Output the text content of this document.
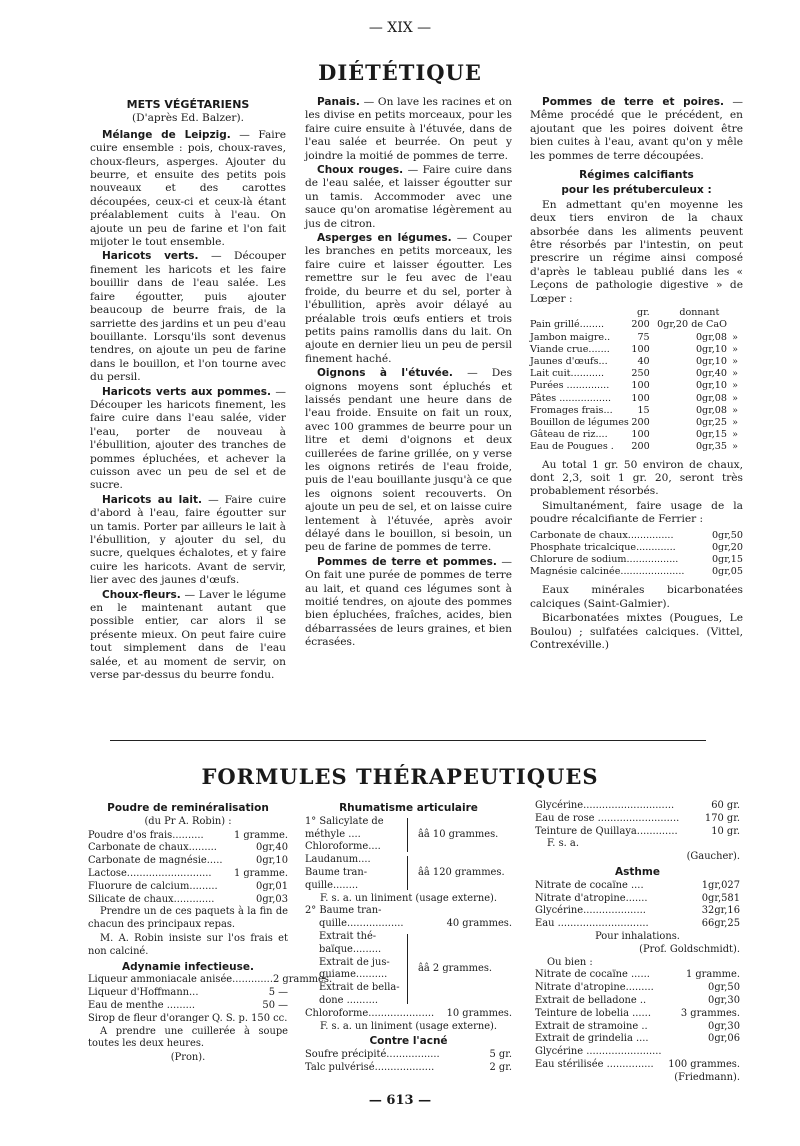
— XIX —
DIÉTÉTIQUE
METS VÉGÉTARIENS
(D'après Ed. Balzer).

Mélange de Leipzig. — Faire cuire ensemble : pois, choux-raves, choux-fleurs, asperges. Ajouter du beurre, et ensuite des petits pois nouveaux et des carottes découpées, ceux-ci et ceux-là étant préalablement cuits à l'eau. On ajoute un peu de farine et l'on fait mijoter le tout ensemble.

Haricots verts. — Découper finement les haricots et les faire bouillir dans de l'eau salée. Les faire égoutter, puis ajouter beaucoup de beurre frais, de la sarriette des jardins et un peu d'eau bouillante. Lorsqu'ils sont devenus tendres, on ajoute un peu de farine dans le bouillon, et l'on tourne avec du persil.

Haricots verts aux pommes. — Découper les haricots finement, les faire cuire dans l'eau salée, vider l'eau, porter de nouveau à l'ébullition, ajouter des tranches de pommes épluchées, et achever la cuisson avec un peu de sel et de sucre.

Haricots au lait. — Faire cuire d'abord à l'eau, faire égoutter sur un tamis. Porter par ailleurs le lait à l'ébullition, y ajouter du sel, du sucre, quelques échalotes, et y faire cuire les haricots. Avant de servir, lier avec des jaunes d'œufs.

Choux-fleurs. — Laver le légume en le maintenant autant que possible entier, car alors il se présente mieux. On peut faire cuire tout simplement dans de l'eau salée, et au moment de servir, on verse par-dessus du beurre fondu.

Panais. — On lave les racines et on les divise en petits morceaux, pour les faire cuire ensuite à l'étuvée, dans de l'eau salée et beurrée. On peut y joindre la moitié de pommes de terre.

Choux rouges. — Faire cuire dans de l'eau salée, et laisser égoutter sur un tamis. Accommoder avec une sauce qu'on aromatise légèrement au jus de citron.

Asperges en légumes. — Couper les branches en petits morceaux, les faire cuire et laisser égoutter. Les remettre sur le feu avec de l'eau froide, du beurre et du sel, porter à l'ébullition, après avoir délayé au préalable trois œufs entiers et trois petits pains ramollis dans du lait. On ajoute en dernier lieu un peu de persil finement haché.

Oignons à l'étuvée. — Des oignons moyens sont épluchés et laissés pendant une heure dans de l'eau froide. Ensuite on fait un roux, avec 100 grammes de beurre pour un litre et demi d'oignons et deux cuillerées de farine grillée, on y verse les oignons retirés de l'eau froide, puis de l'eau bouillante jusqu'à ce que les oignons soient recouverts. On ajoute un peu de sel, et on laisse cuire lentement à l'étuvée, après avoir délayé dans le bouillon, si besoin, un peu de farine de pommes de terre.

Pommes de terre et pommes. — On fait une purée de pommes de terre au lait, et quand ces légumes sont à moitié tendres, on ajoute des pommes bien épluchées, fraîches, acides, bien débarrassées de leurs graines, et bien écrasées.

Pommes de terre et poires. — Même procédé que le précédent, en ajoutant que les poires doivent être bien cuites à l'eau, avant qu'on y mêle les pommes de terre découpées.

Régimes calcifiants
pour les prétuberculeux :

En admettant qu'en moyenne les deux tiers environ de la chaux absorbée dans les aliments peuvent être résorbés par l'intestin, on peut prescrire un régime ainsi composé d'après le tableau publié dans les « Leçons de pathologie digestive » de Lœper :

	gr.	donnant	
Pain grillé........	200	0gr,20 de CaO	
Jambon maigre..	75	0gr,08	»
Viande crue.......	100	0gr,10	»
Jaunes d'œufs...	40	0gr,10	»
Lait cuit...........	250	0gr,40	»
Purées ..............	100	0gr,10	»
Pâtes .................	100	0gr,08	»
Fromages frais...	15	0gr,08	»
Bouillon de légumes	200	0gr,25	»
Gâteau de riz....	100	0gr,15	»
Eau de Pougues .	200	0gr,35	»

Au total 1 gr. 50 environ de chaux, dont 2,3, soit 1 gr. 20, seront très probablement résorbés.

Simultanément, faire usage de la poudre récalcifiante de Ferrier :

Carbonate de chaux...............	0gr,50
Phosphate tricalcique.............	0gr,20
Chlorure de sodium.................	0gr,15
Magnésie calcinée.....................	0gr,05

Eaux minérales bicarbonatées calciques (Saint-Galmier).

Bicarbonatées mixtes (Pougues, Le Boulou) ; sulfatées calciques. (Vittel, Contrexéville.)

FORMULES THÉRAPEUTIQUES
Poudre de reminéralisation
(du Pr A. Robin) :
Poudre d'os frais..........	1 gramme.
Carbonate de chaux.........	0gr,40
Carbonate de magnésie.....	0gr,10
Lactose........................... 1 gramme.
Fluorure de calcium.........	0gr,01
Silicate de chaux.............	0gr,03

Prendre un de ces paquets à la fin de chacun des principaux repas.

M. A. Robin insiste sur l'os frais et non calciné.

Adynamie infectieuse.
Liqueur ammoniacale anisée............. 2 grammes.
Liqueur d'Hoffmann...	5 —
Eau de menthe .........	50 —
Sirop de fleur d'oranger Q. S. p. 150 cc.

A prendre une cuillerée à soupe toutes les deux heures.

(Pron).
Rhumatisme articulaire
1° Salicylate de
méthyle ....
Chloroforme....
ââ 10 grammes.
Laudanum....
Baume tran-
quille........
ââ 120 grammes.
F. s. a. un liniment (usage externe).
2° Baume tran-
quille..................	40 grammes.
Extrait thé-
baïque.........
Extrait de jus-
quiame..........
Extrait de bella-
done ..........
ââ 2 grammes.
Chloroforme..................... 10 grammes.
F. s. a. un liniment (usage externe).
Contre l'acné
Soufre précipité.................	5 gr.
Talc pulvérisé...................	2 gr.
Glycérine.............................	60 gr.
Eau de rose ..........................	170 gr.
Teinture de Quillaya.............	10 gr.
F. s. a.
(Gaucher).
Asthme
Nitrate de cocaïne ....	1gr,027
Nitrate d'atropine.......	0gr,581
Glycérine....................	32gr,16
Eau .............................	66gr,25
Pour inhalations.
(Prof. Goldschmidt).
Ou bien :
Nitrate de cocaïne ......	1 gramme.
Nitrate d'atropine.........	0gr,50
Extrait de belladone ..	0gr,30
Teinture de lobelia ......	3 grammes.
Extrait de stramoine ..	0gr,30
Extrait de grindelia ....	0gr,06
Glycérine ........................
Eau stérilisée ............... 100 grammes.
(Friedmann).
— 613 —
